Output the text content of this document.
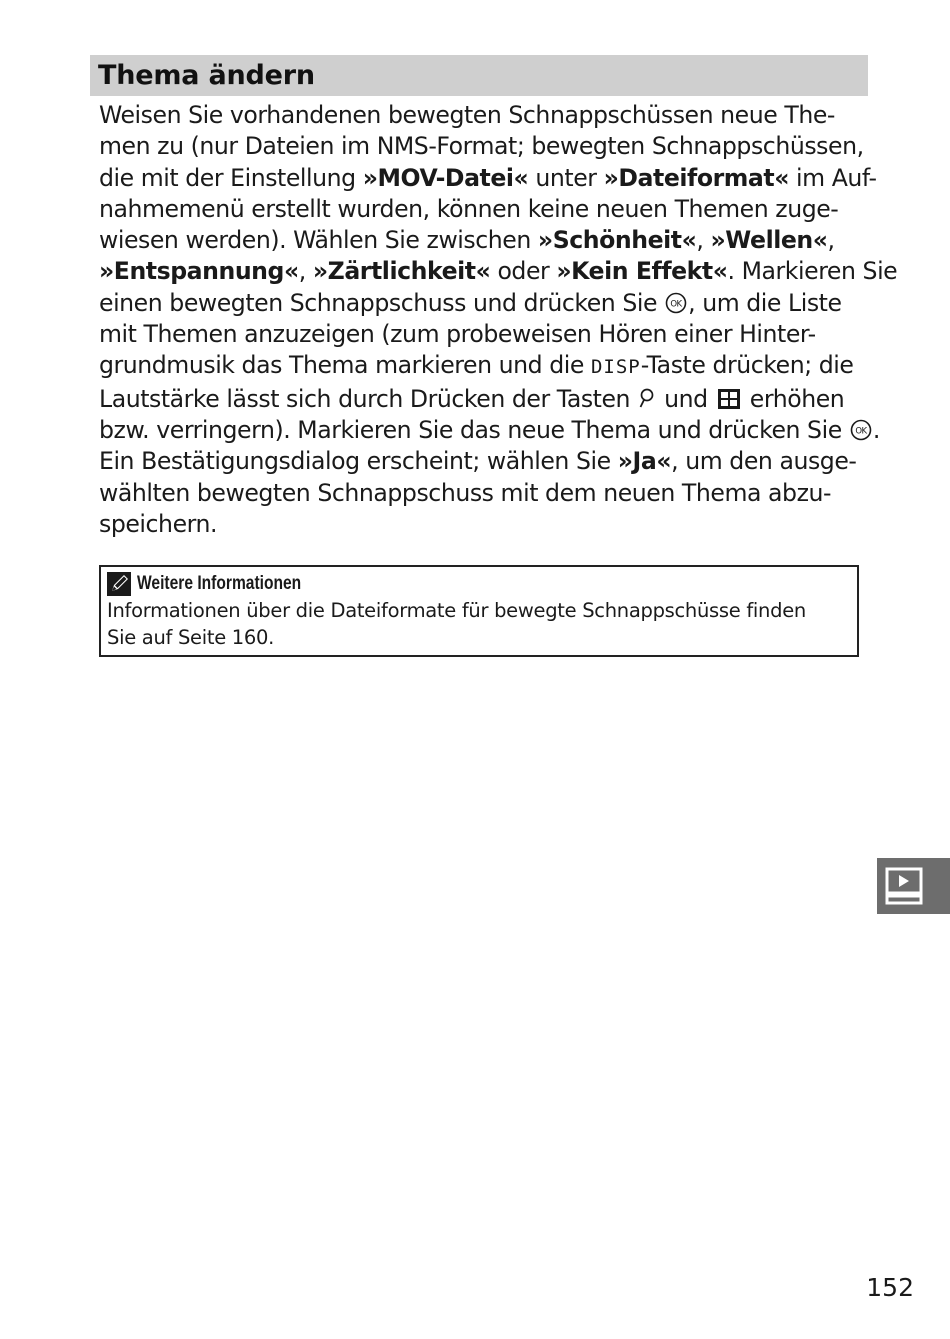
Thema ändern
Weisen Sie vorhandenen bewegten Schnappschüssen neue The-
men zu (nur Dateien im NMS-Format; bewegten Schnappschüssen,
die mit der Einstellung »MOV-Datei« unter »Dateiformat« im Auf-
nahmemenü erstellt wurden, können keine neuen Themen zuge-
wiesen werden). Wählen Sie zwischen »Schönheit«, »Wellen«,
»Entspannung«, »Zärtlichkeit« oder »Kein Effekt«. Markieren Sie
einen bewegten Schnappschuss und drücken Sie OK , um die Liste
mit Themen anzuzeigen (zum probeweisen Hören einer Hinter-
grundmusik das Thema markieren und die DISP-Taste drücken; die
Lautstärke lässt sich durch Drücken der Tasten
und
erhöhen
bzw. verringern). Markieren Sie das neue Thema und drücken Sie OK .
Ein Bestätigungsdialog erscheint; wählen Sie »Ja«, um den ausge-
wählten bewegten Schnappschuss mit dem neuen Thema abzu-
speichern.
Weitere Informationen
Informationen über die Dateiformate für bewegte Schnappschüsse finden
Sie auf Seite 160.
152
